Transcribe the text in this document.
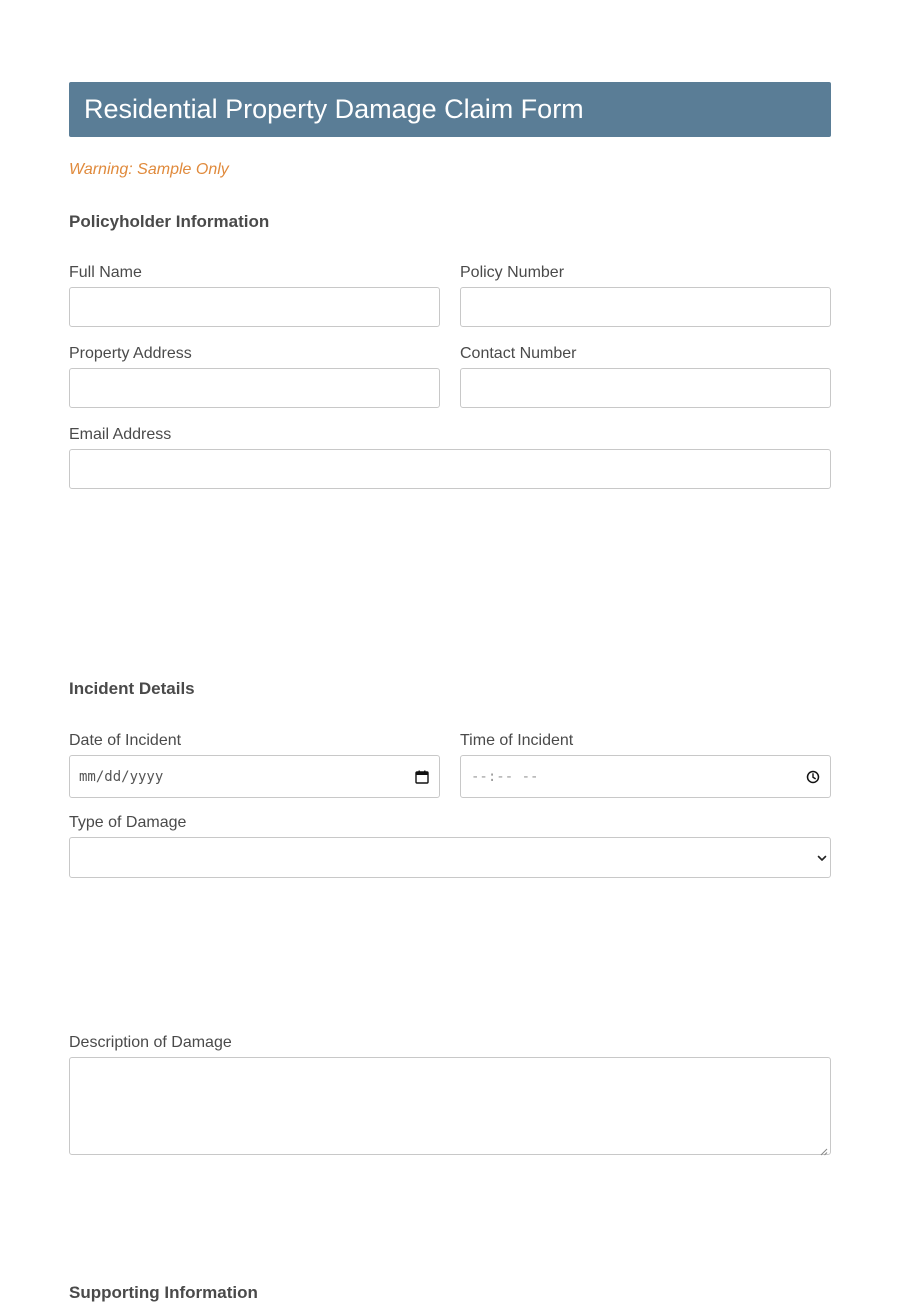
Residential Property Damage Claim Form
Warning: Sample Only
Policyholder Information
Full Name	Policy Number
Property Address	Contact Number
Email Address
Incident Details
Date of Incident
mm/dd/yyyy
Time of Incident
--:-- --
Type of Damage
Description of Damage
Supporting Information
